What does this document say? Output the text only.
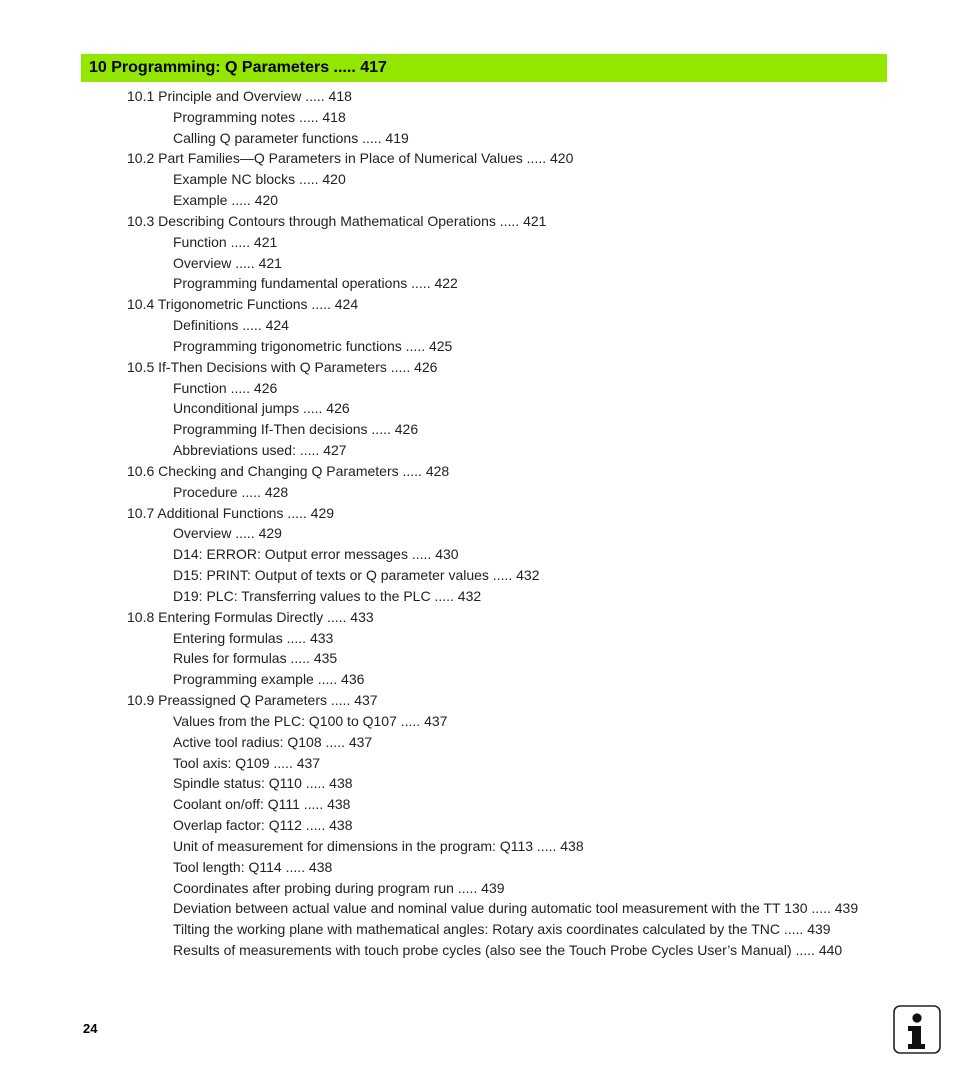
10 Programming: Q Parameters ..... 417
10.1 Principle and Overview ..... 418
Programming notes ..... 418
Calling Q parameter functions ..... 419
10.2 Part Families—Q Parameters in Place of Numerical Values ..... 420
Example NC blocks ..... 420
Example ..... 420
10.3 Describing Contours through Mathematical Operations ..... 421
Function ..... 421
Overview ..... 421
Programming fundamental operations ..... 422
10.4 Trigonometric Functions ..... 424
Definitions ..... 424
Programming trigonometric functions ..... 425
10.5 If-Then Decisions with Q Parameters ..... 426
Function ..... 426
Unconditional jumps ..... 426
Programming If-Then decisions ..... 426
Abbreviations used: ..... 427
10.6 Checking and Changing Q Parameters ..... 428
Procedure ..... 428
10.7 Additional Functions ..... 429
Overview ..... 429
D14: ERROR: Output error messages ..... 430
D15: PRINT: Output of texts or Q parameter values ..... 432
D19: PLC: Transferring values to the PLC ..... 432
10.8 Entering Formulas Directly ..... 433
Entering formulas ..... 433
Rules for formulas ..... 435
Programming example ..... 436
10.9 Preassigned Q Parameters ..... 437
Values from the PLC: Q100 to Q107 ..... 437
Active tool radius: Q108 ..... 437
Tool axis: Q109 ..... 437
Spindle status: Q110 ..... 438
Coolant on/off: Q111 ..... 438
Overlap factor: Q112 ..... 438
Unit of measurement for dimensions in the program: Q113 ..... 438
Tool length: Q114 ..... 438
Coordinates after probing during program run ..... 439
Deviation between actual value and nominal value during automatic tool measurement with the TT 130 ..... 439
Tilting the working plane with mathematical angles: Rotary axis coordinates calculated by the TNC ..... 439
Results of measurements with touch probe cycles (also see the Touch Probe Cycles User’s Manual) ..... 440
24
